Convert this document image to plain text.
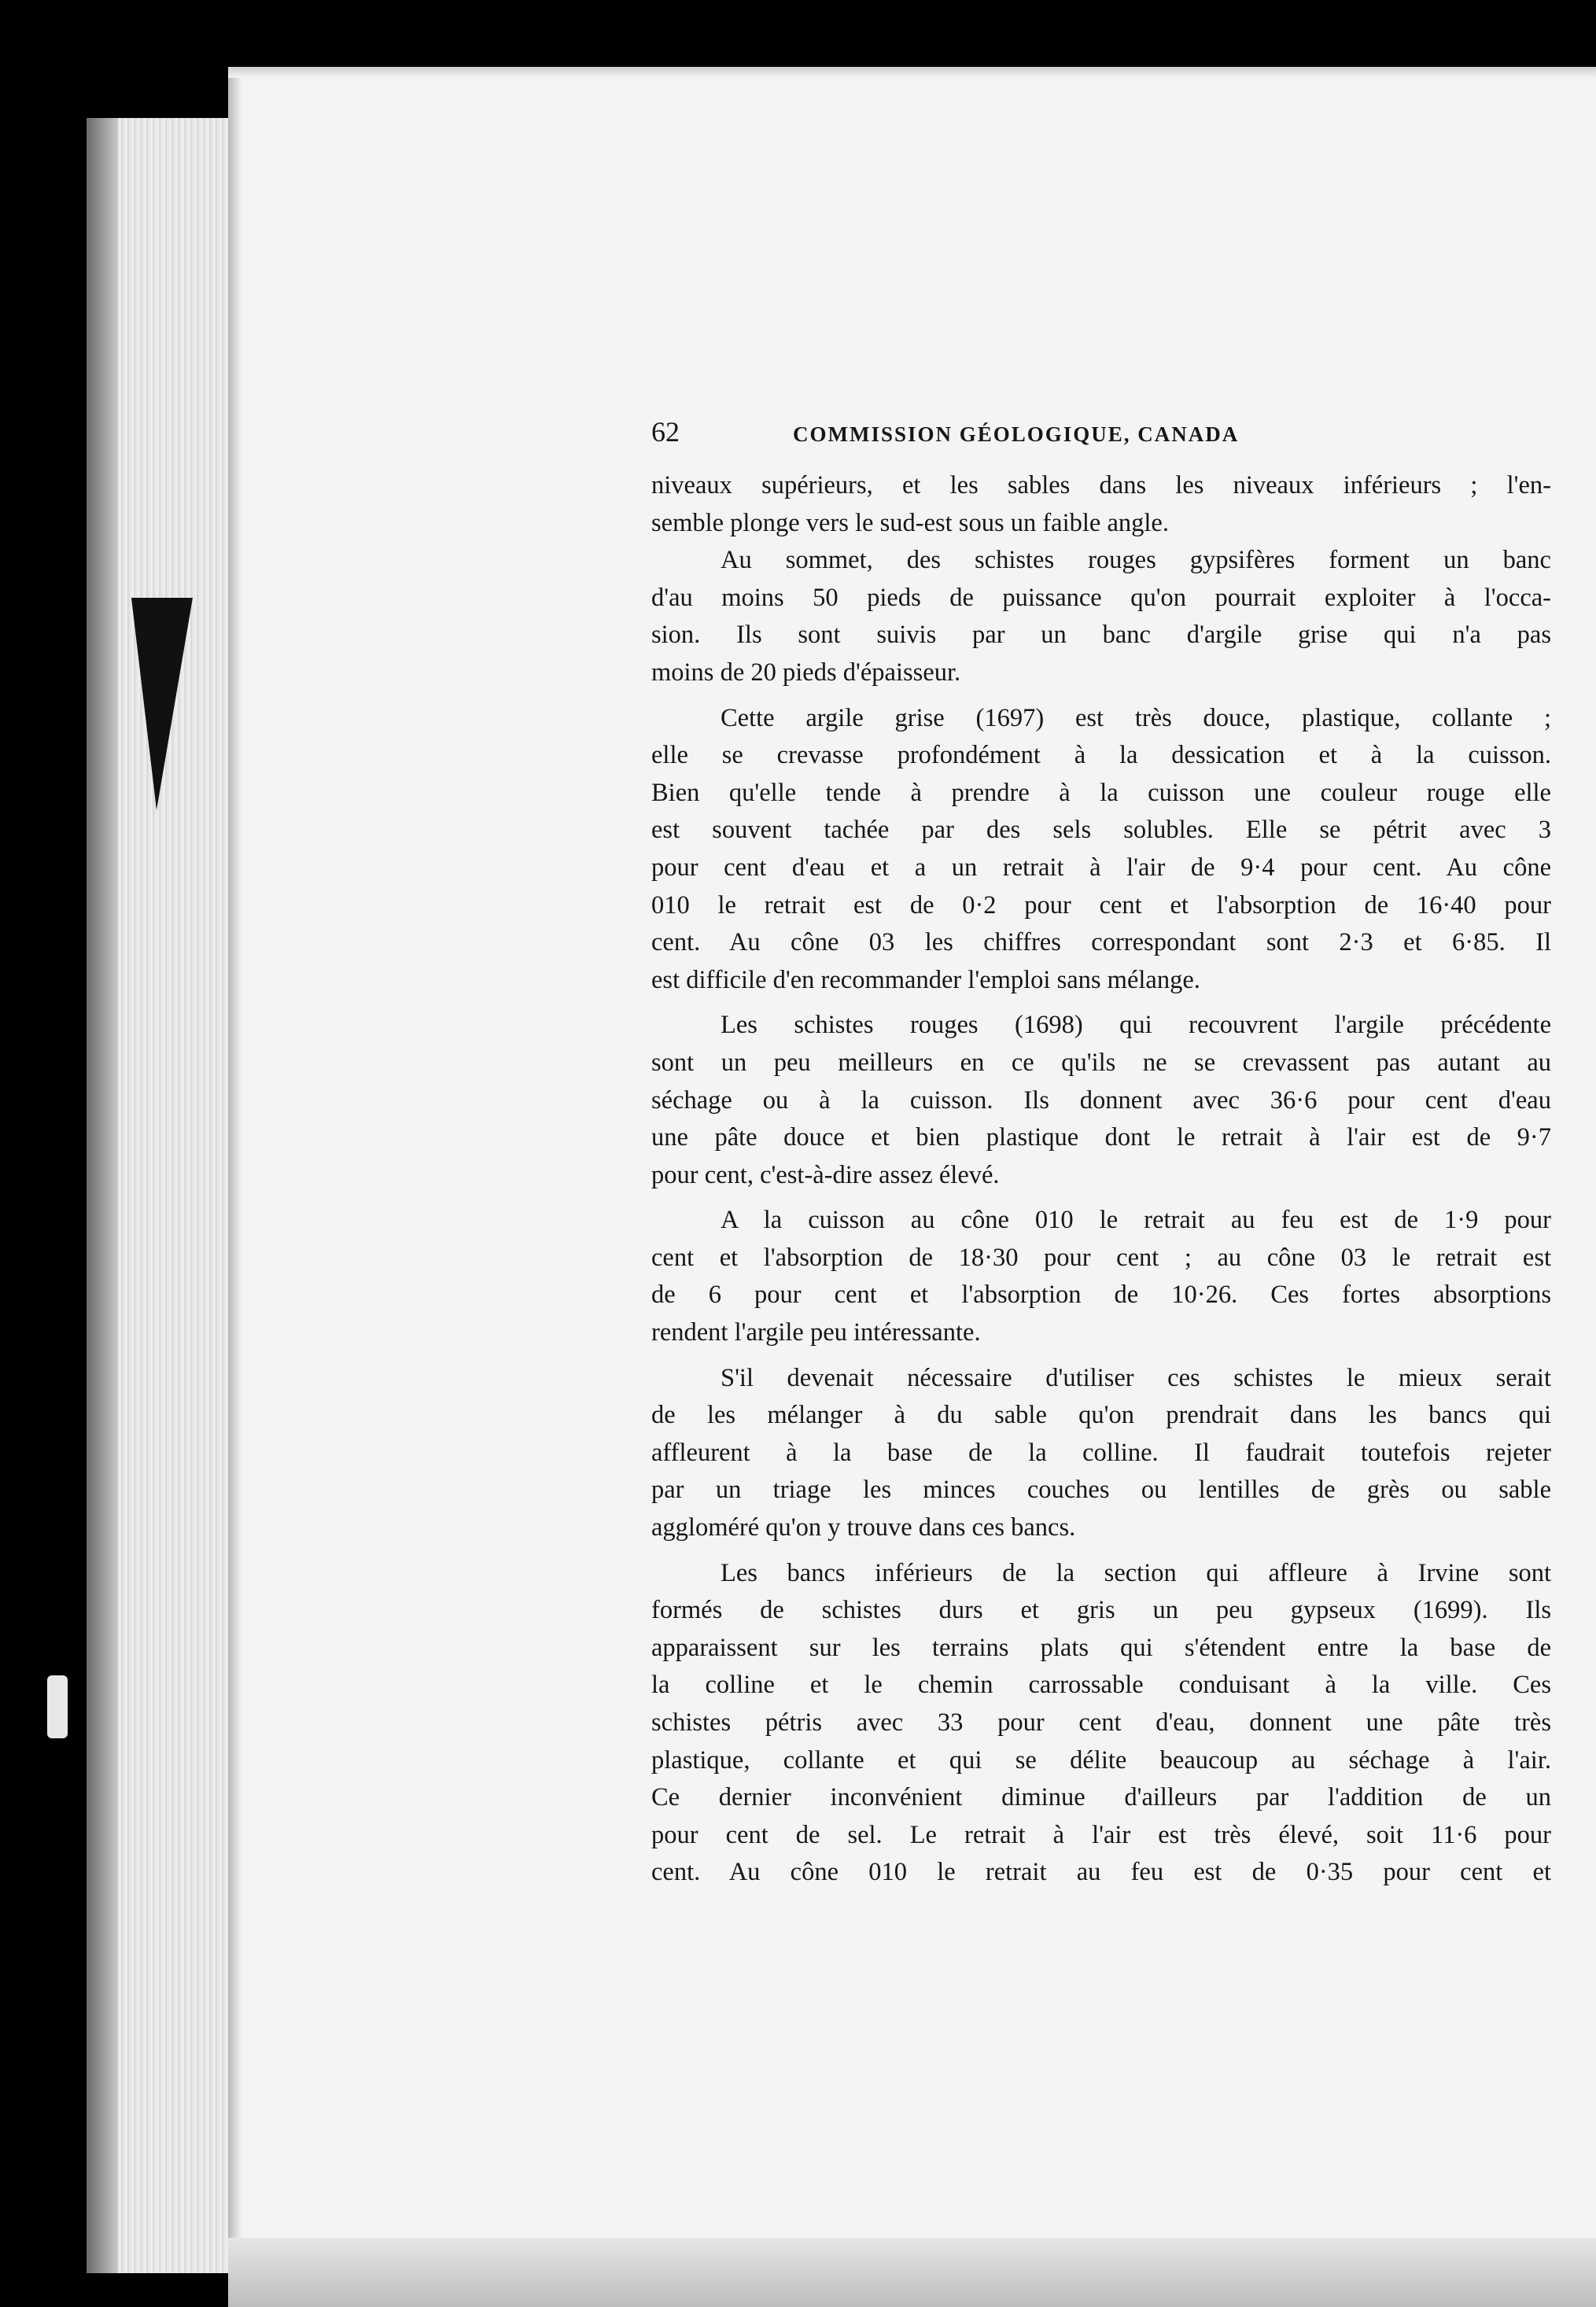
62	COMMISSION GÉOLOGIQUE, CANADA
niveaux supérieurs, et les sables dans les niveaux inférieurs ; l'en-
semble plonge vers le sud-est sous un faible angle.
Au sommet, des schistes rouges gypsifères forment un banc
d'au moins 50 pieds de puissance qu'on pourrait exploiter à l'occa-
sion. Ils sont suivis par un banc d'argile grise qui n'a pas
moins de 20 pieds d'épaisseur.
Cette argile grise (1697) est très douce, plastique, collante ;
elle se crevasse profondément à la dessication et à la cuisson.
Bien qu'elle tende à prendre à la cuisson une couleur rouge elle
est souvent tachée par des sels solubles. Elle se pétrit avec 3
pour cent d'eau et a un retrait à l'air de 9·4 pour cent. Au cône
010 le retrait est de 0·2 pour cent et l'absorption de 16·40 pour
cent. Au cône 03 les chiffres correspondant sont 2·3 et 6·85. Il
est difficile d'en recommander l'emploi sans mélange.
Les schistes rouges (1698) qui recouvrent l'argile précédente
sont un peu meilleurs en ce qu'ils ne se crevassent pas autant au
séchage ou à la cuisson. Ils donnent avec 36·6 pour cent d'eau
une pâte douce et bien plastique dont le retrait à l'air est de 9·7
pour cent, c'est-à-dire assez élevé.
A la cuisson au cône 010 le retrait au feu est de 1·9 pour
cent et l'absorption de 18·30 pour cent ; au cône 03 le retrait est
de 6 pour cent et l'absorption de 10·26. Ces fortes absorptions
rendent l'argile peu intéressante.
S'il devenait nécessaire d'utiliser ces schistes le mieux serait
de les mélanger à du sable qu'on prendrait dans les bancs qui
affleurent à la base de la colline. Il faudrait toutefois rejeter
par un triage les minces couches ou lentilles de grès ou sable
aggloméré qu'on y trouve dans ces bancs.
Les bancs inférieurs de la section qui affleure à Irvine sont
formés de schistes durs et gris un peu gypseux (1699). Ils
apparaissent sur les terrains plats qui s'étendent entre la base de
la colline et le chemin carrossable conduisant à la ville. Ces
schistes pétris avec 33 pour cent d'eau, donnent une pâte très
plastique, collante et qui se délite beaucoup au séchage à l'air.
Ce dernier inconvénient diminue d'ailleurs par l'addition de un
pour cent de sel. Le retrait à l'air est très élevé, soit 11·6 pour
cent. Au cône 010 le retrait au feu est de 0·35 pour cent et
